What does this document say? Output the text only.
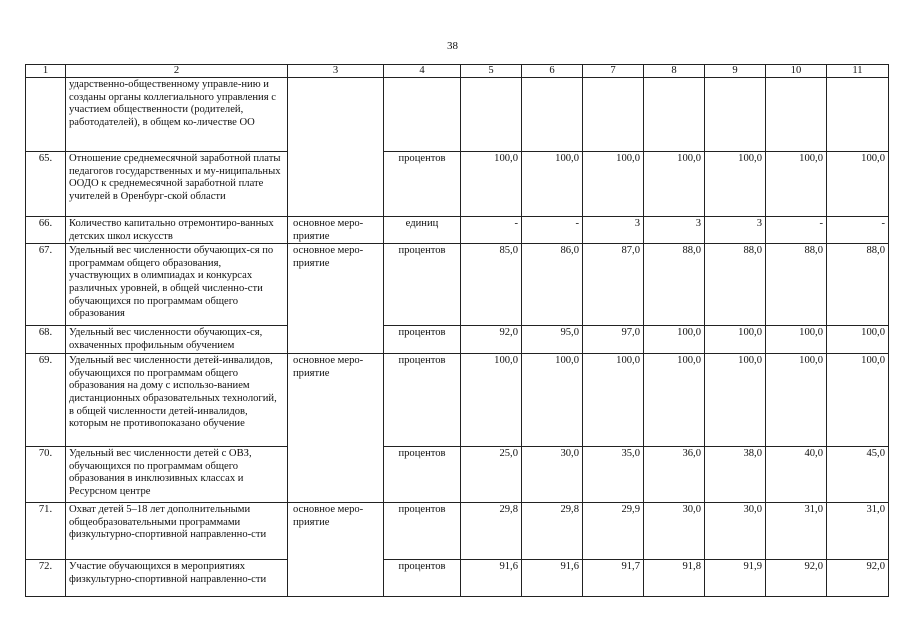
38
1	2	3	4	5	6	7	8	9	10	11
	ударственно-общественному управле-нию и созданы органы коллегиального управления с участием общественности (родителей, работодателей), в общем ко-личестве ОО									
65.	Отношение среднемесячной заработной платы педагогов государственных и му-ниципальных ООДО к среднемесячной заработной плате учителей в Оренбург-ской области		процентов	100,0	100,0	100,0	100,0	100,0	100,0	100,0
66.	Количество капитально отремонтиро-ванных детских школ искусств	основное меро-приятие	единиц	-	-	3	3	3	-	-
67.	Удельный вес численности обучающих-ся по программам общего образования, участвующих в олимпиадах и конкурсах различных уровней, в общей численно-сти обучающихся по программам общего образования	основное меро-приятие	процентов	85,0	86,0	87,0	88,0	88,0	88,0	88,0
68.	Удельный вес численности обучающих-ся, охваченных профильным обучением		процентов	92,0	95,0	97,0	100,0	100,0	100,0	100,0
69.	Удельный вес численности детей-инвалидов, обучающихся по программам общего образования на дому с использо-ванием дистанционных образовательных технологий, в общей численности детей-инвалидов, которым не противопоказано обучение	основное меро-приятие	процентов	100,0	100,0	100,0	100,0	100,0	100,0	100,0
70.	Удельный вес численности детей с ОВЗ, обучающихся по программам общего образования в инклюзивных классах и Ресурсном центре		процентов	25,0	30,0	35,0	36,0	38,0	40,0	45,0
71.	Охват детей 5–18 лет дополнительными общеобразовательными программами физкультурно-спортивной направленно-сти	основное меро-приятие	процентов	29,8	29,8	29,9	30,0	30,0	31,0	31,0
72.	Участие обучающихся в мероприятиях физкультурно-спортивной направленно-сти		процентов	91,6	91,6	91,7	91,8	91,9	92,0	92,0
